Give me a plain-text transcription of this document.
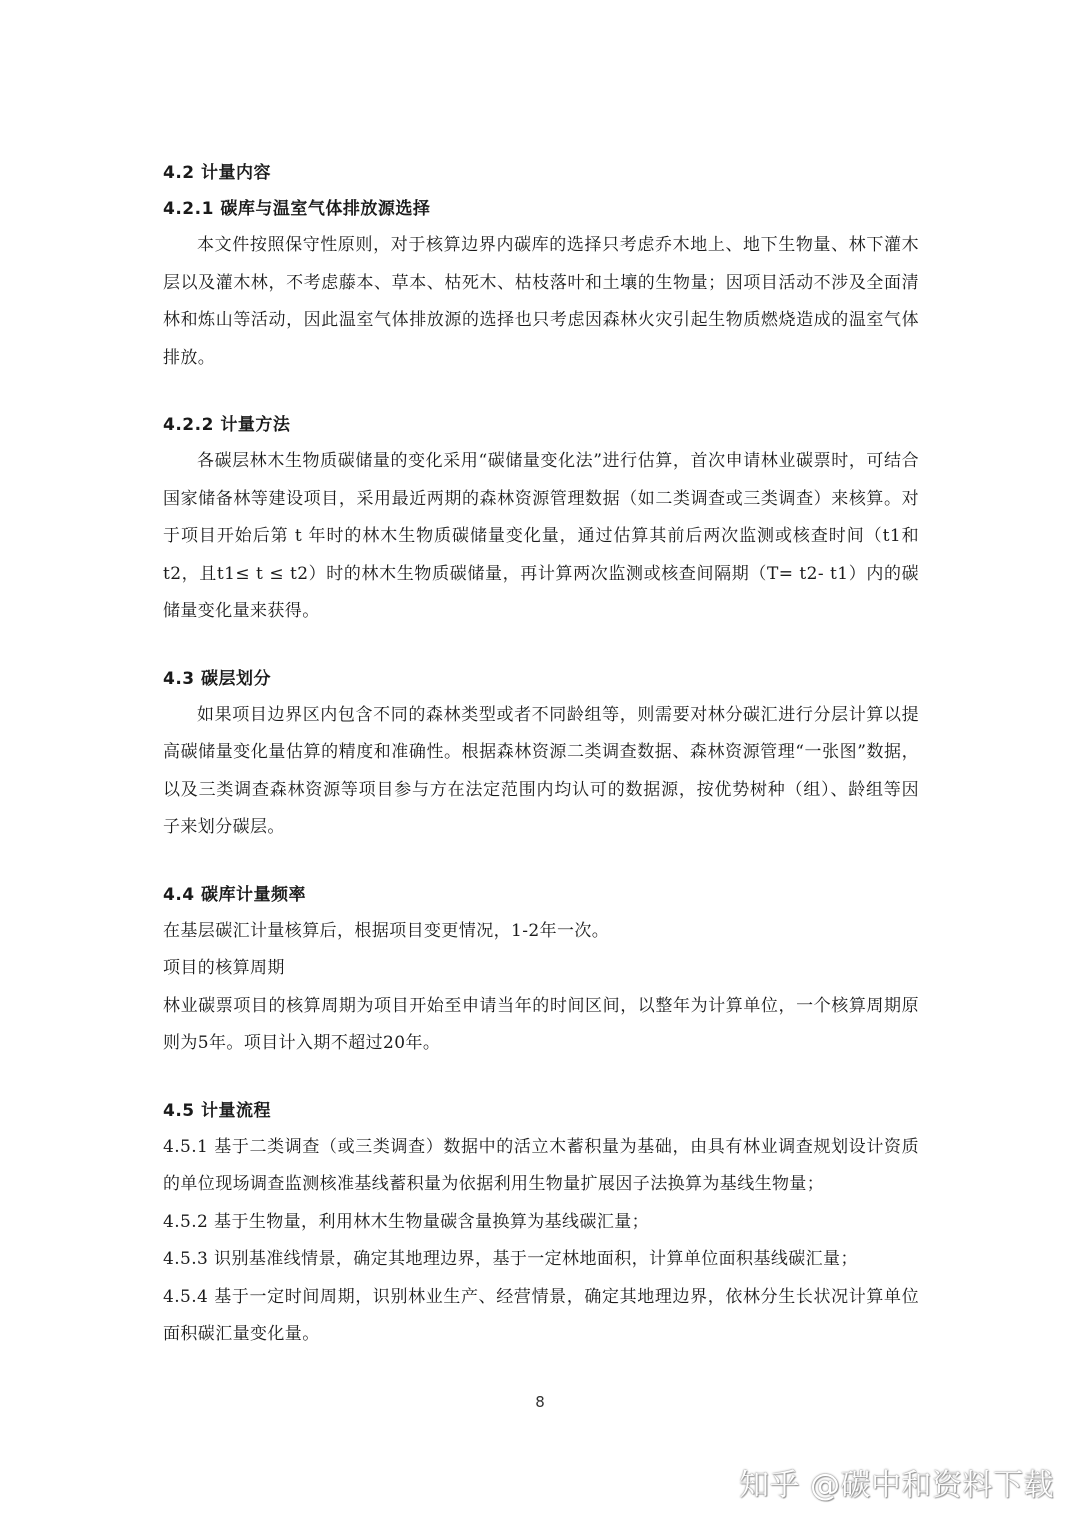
4.2 计量内容

4.2.1 碳库与温室气体排放源选择

本文件按照保守性原则，对于核算边界内碳库的选择只考虑乔木地上、地下生物量、林下灌木层以及灌木林，不考虑藤本、草本、枯死木、枯枝落叶和土壤的生物量；因项目活动不涉及全面清林和炼山等活动，因此温室气体排放源的选择也只考虑因森林火灾引起生物质燃烧造成的温室气体排放。

4.2.2 计量方法

各碳层林木生物质碳储量的变化采用“碳储量变化法”进行估算，首次申请林业碳票时，可结合国家储备林等建设项目，采用最近两期的森林资源管理数据（如二类调查或三类调查）来核算。对于项目开始后第 t 年时的林木生物质碳储量变化量，通过估算其前后两次监测或核查时间（t1和t2，且t1≤ t ≤ t2）时的林木生物质碳储量，再计算两次监测或核查间隔期（T= t2- t1）内的碳储量变化量来获得。

4.3 碳层划分

如果项目边界区内包含不同的森林类型或者不同龄组等，则需要对林分碳汇进行分层计算以提高碳储量变化量估算的精度和准确性。根据森林资源二类调查数据、森林资源管理“一张图”数据，以及三类调查森林资源等项目参与方在法定范围内均认可的数据源，按优势树种（组）、龄组等因子来划分碳层。

4.4 碳库计量频率

在基层碳汇计量核算后，根据项目变更情况，1-2年一次。

项目的核算周期

林业碳票项目的核算周期为项目开始至申请当年的时间区间，以整年为计算单位，一个核算周期原则为5年。项目计入期不超过20年。

4.5 计量流程

4.5.1 基于二类调查（或三类调查）数据中的活立木蓄积量为基础，由具有林业调查规划设计资质的单位现场调查监测核准基线蓄积量为依据利用生物量扩展因子法换算为基线生物量；

4.5.2 基于生物量，利用林木生物量碳含量换算为基线碳汇量；

4.5.3 识别基准线情景，确定其地理边界，基于一定林地面积，计算单位面积基线碳汇量；

4.5.4 基于一定时间周期，识别林业生产、经营情景，确定其地理边界，依林分生长状况计算单位面积碳汇量变化量。

8
知乎 @碳中和资料下载
